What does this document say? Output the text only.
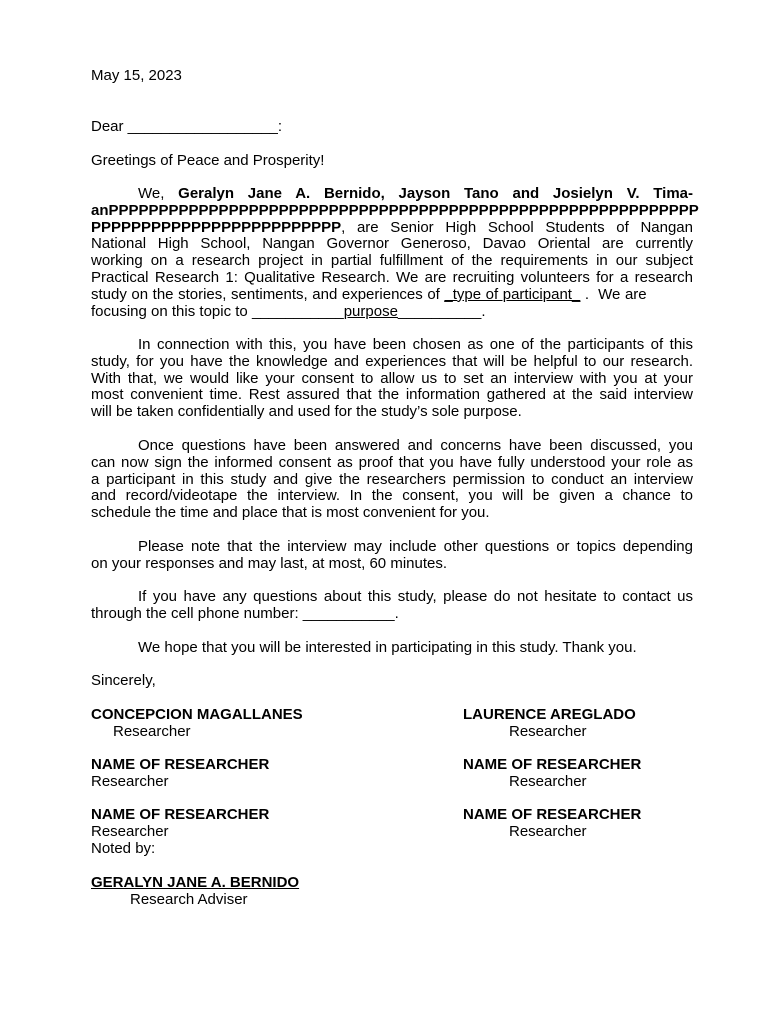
May 15, 2023
Dear __________________:
Greetings of Peace and Prosperity!
We, Geralyn Jane A. Bernido, Jayson Tano and Josielyn V. Tima-
anPPPPPPPPPPPPPPPPPPPPPPPPPPPPPPPPPPPPPPPPPPPPPPPPPPPPPPPPPPP
PPPPPPPPPPPPPPPPPPPPPPPPP, are Senior High School Students of Nangan
National High School, Nangan Governor Generoso, Davao Oriental are currently
working on a research project in partial fulfillment of the requirements in our subject
Practical Research 1: Qualitative Research. We are recruiting volunteers for a research
study on the stories, sentiments, and experiences of _type of participant_ .  We are
focusing on this topic to ___________purpose__________.
In connection with this, you have been chosen as one of the participants of this
study, for you have the knowledge and experiences that will be helpful to our research.
With that, we would like your consent to allow us to set an interview with you at your
most convenient time. Rest assured that the information gathered at the said interview
will be taken confidentially and used for the study’s sole purpose.
Once questions have been answered and concerns have been discussed, you
can now sign the informed consent as proof that you have fully understood your role as
a participant in this study and give the researchers permission to conduct an interview
and record/videotape the interview. In the consent, you will be given a chance to
schedule the time and place that is most convenient for you.
Please note that the interview may include other questions or topics depending
on your responses and may last, at most, 60 minutes.
If you have any questions about this study, please do not hesitate to contact us
through the cell phone number: ___________.
We hope that you will be interested in participating in this study. Thank you.
Sincerely,
CONCEPCION MAGALLANES
Researcher
LAURENCE AREGLADO
Researcher
NAME OF RESEARCHER
Researcher
NAME OF RESEARCHER
Researcher
NAME OF RESEARCHER
Researcher
Noted by:
NAME OF RESEARCHER
Researcher
GERALYN JANE A. BERNIDO
Research Adviser
